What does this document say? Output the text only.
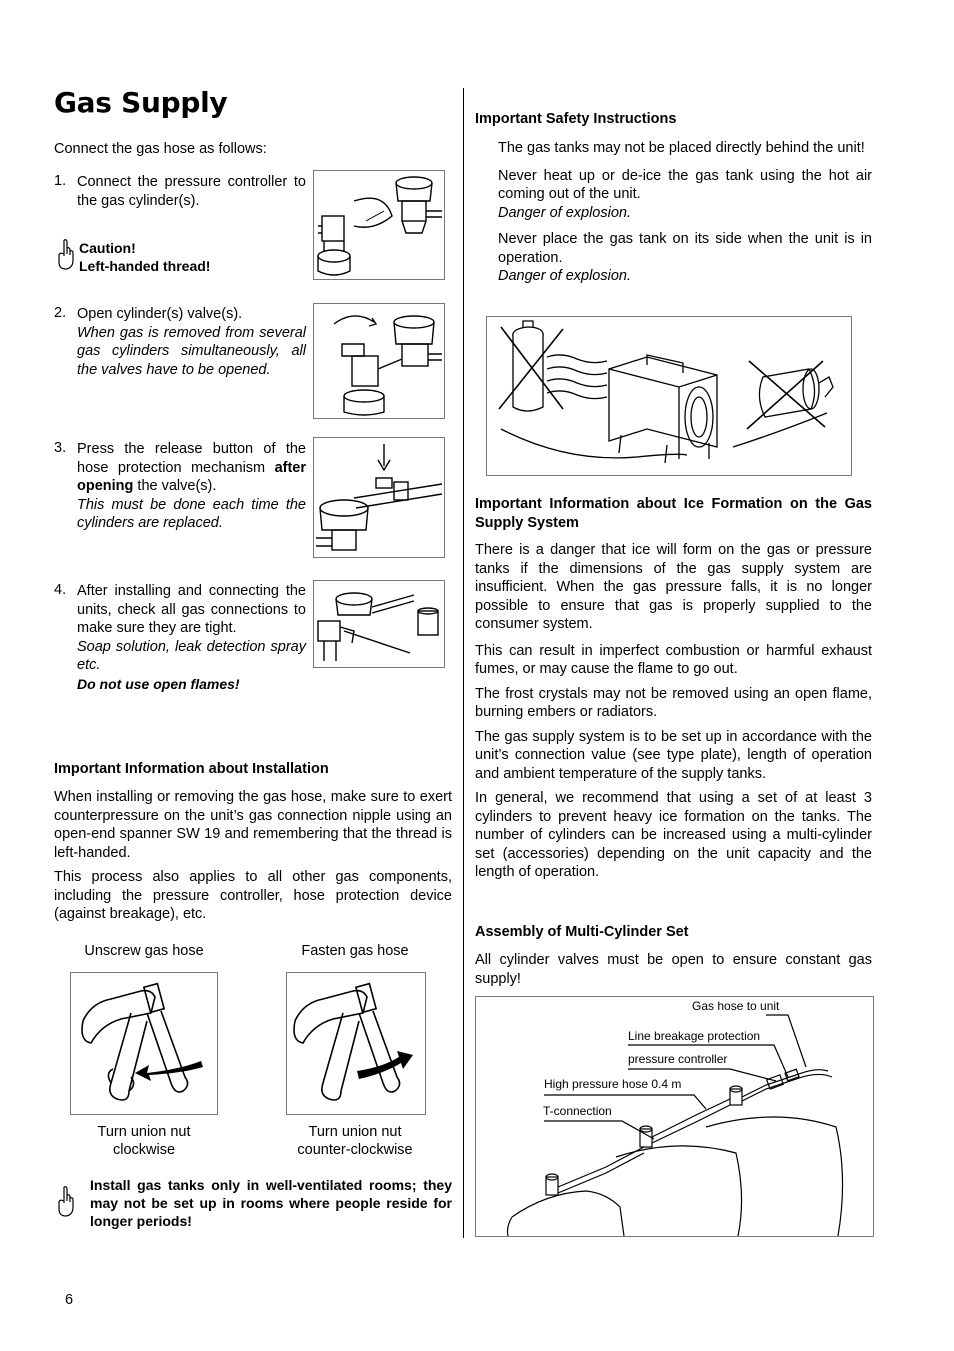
Gas Supply

Connect the gas hose as follows:

1. Connect the pressure controller to the gas cylinder(s).

Caution!
Left-handed thread!
2. Open cylinder(s) valve(s).

When gas is removed from several gas cylinders simultaneously, all the valves have to be opened.

3. Press the release button of the hose protection mechanism after opening the valve(s).

This must be done each time the cylinders are replaced.

4. After installing and connecting the units, check all gas connections to make sure they are tight.

Soap solution, leak detection spray etc.

Do not use open flames!

Important Information about Installation

When installing or removing the gas hose, make sure to exert counterpressure on the unit’s gas connection nipple using an open-end spanner SW 19 and remembering that the thread is left-handed.

This process also applies to all other gas components, including the pressure controller, hose protection device (against breakage), etc.

Unscrew gas hose	Fasten gas hose
Turn union nut clockwise
Turn union nut counter-clockwise

Install gas tanks only in well-ventilated rooms; they may not be set up in rooms where people reside for longer periods!

6

Important Safety Instructions

The gas tanks may not be placed directly behind the unit!

Never heat up or de-ice the gas tank using the hot air coming out of the unit.

Danger of explosion.

Never place the gas tank on its side when the unit is in operation.

Danger of explosion.

Important Information about Ice Formation on the Gas Supply System

There is a danger that ice will form on the gas or pressure tanks if the dimensions of the gas supply system are insufficient. When the gas pressure falls, it is no longer possible to ensure that gas is properly supplied to the consumer system.

This can result in imperfect combustion or harmful exhaust fumes, or may cause the flame to go out.

The frost crystals may not be removed using an open flame, burning embers or radiators.

The gas supply system is to be set up in accordance with the unit’s connection value (see type plate), length of operation and ambient temperature of the supply tanks.

In general, we recommend that using a set of at least 3 cylinders to prevent heavy ice formation on the tanks. The number of cylinders can be increased using a multi-cylinder set (accessories) depending on the unit capacity and the length of operation.

Assembly of Multi-Cylinder Set

All cylinder valves must be open to ensure constant gas supply!

Gas hose to unit
Line breakage protection
pressure controller
High pressure hose 0.4 m
T-connection
